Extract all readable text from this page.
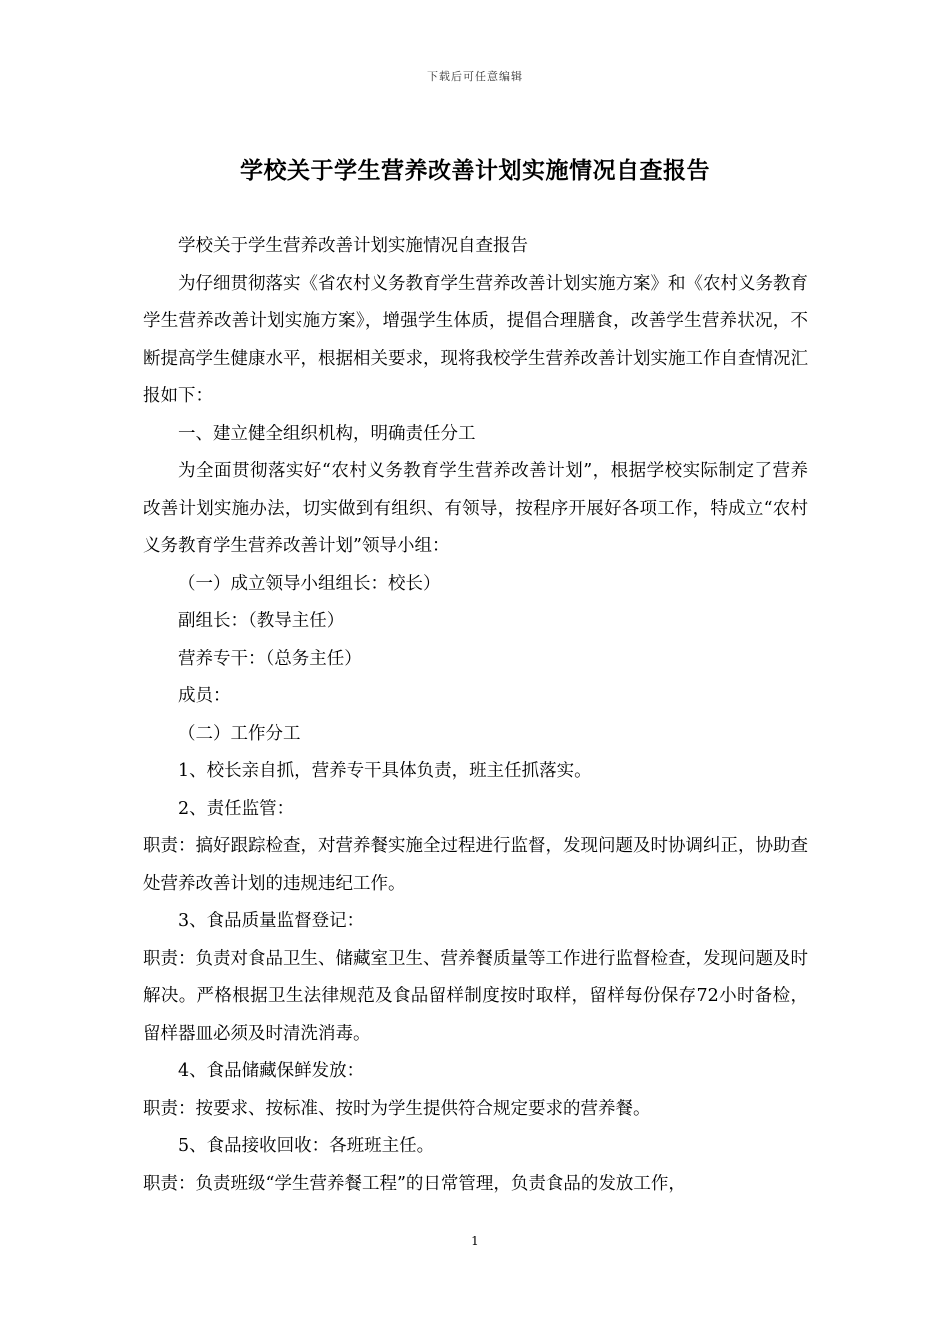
下载后可任意编辑
学校关于学生营养改善计划实施情况自查报告

学校关于学生营养改善计划实施情况自查报告

为仔细贯彻落实《省农村义务教育学生营养改善计划实施方案》和《农村义务教育学生营养改善计划实施方案》，增强学生体质，提倡合理膳食，改善学生营养状况，不断提高学生健康水平，根据相关要求，现将我校学生营养改善计划实施工作自查情况汇报如下：

一、建立健全组织机构，明确责任分工

为全面贯彻落实好“农村义务教育学生营养改善计划”，根据学校实际制定了营养改善计划实施办法，切实做到有组织、有领导，按程序开展好各项工作，特成立“农村义务教育学生营养改善计划”领导小组：

（一）成立领导小组组长：校长）

副组长：（教导主任）

营养专干：（总务主任）

成员：

（二）工作分工

1、校长亲自抓，营养专干具体负责，班主任抓落实。

2、责任监管：

职责：搞好跟踪检查，对营养餐实施全过程进行监督，发现问题及时协调纠正，协助查处营养改善计划的违规违纪工作。

3、食品质量监督登记：

职责：负责对食品卫生、储藏室卫生、营养餐质量等工作进行监督检查，发现问题及时解决。严格根据卫生法律规范及食品留样制度按时取样，留样每份保存72小时备检，留样器皿必须及时清洗消毒。

4、食品储藏保鲜发放：

职责：按要求、按标准、按时为学生提供符合规定要求的营养餐。

5、食品接收回收：各班班主任。

职责：负责班级“学生营养餐工程”的日常管理，负责食品的发放工作，

1
